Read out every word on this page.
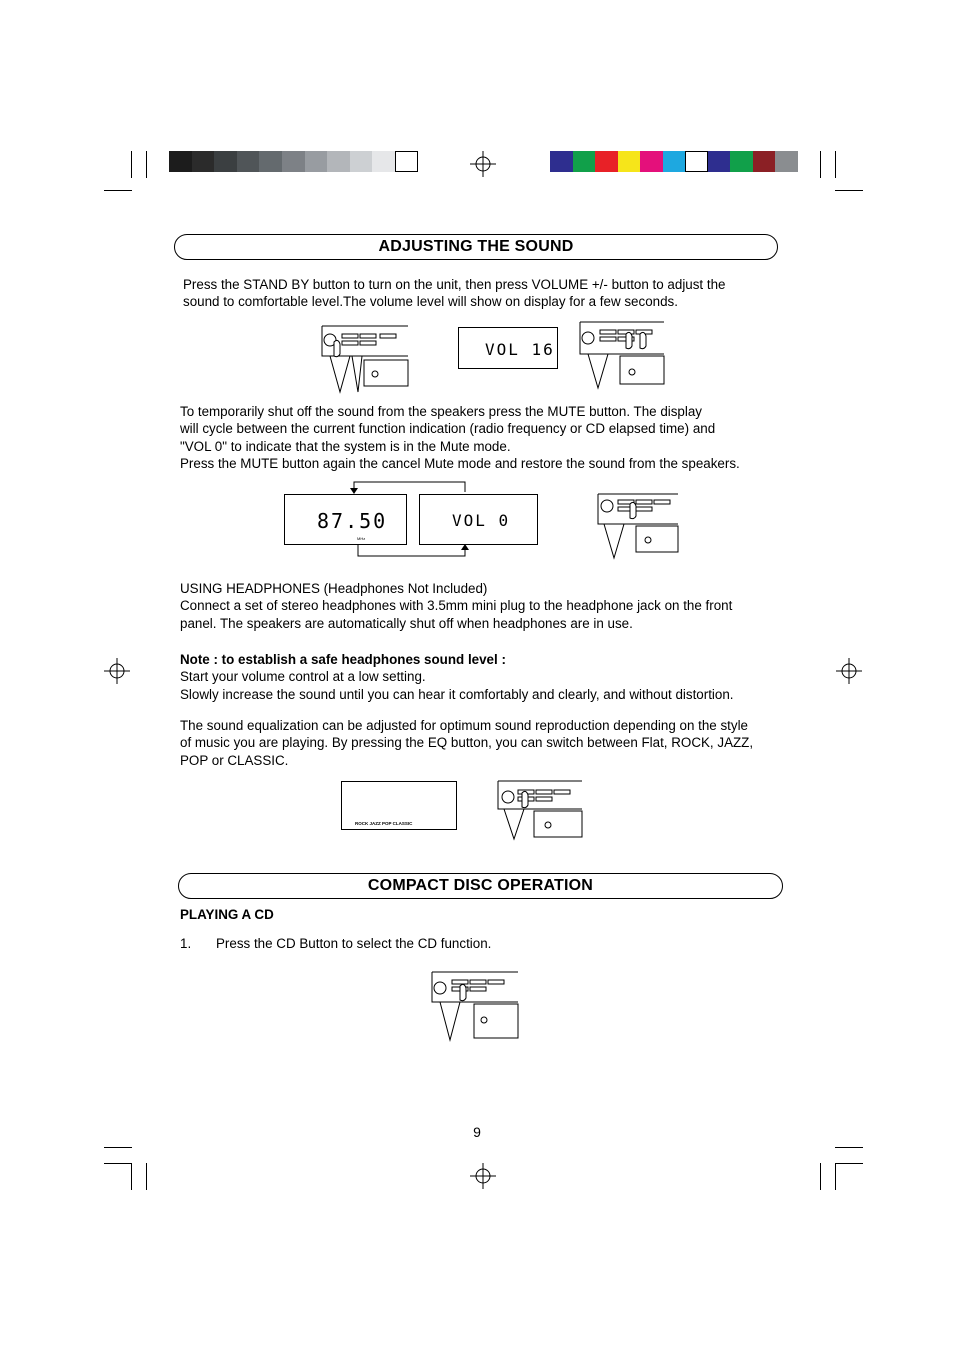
ADJUSTING THE SOUND

Press the STAND BY button to turn on the unit, then press VOLUME +/- button to adjust the

sound to comfortable level.The volume level will show on display for a few seconds.

VOL 16

To temporarily shut off the sound from the speakers press the MUTE button. The display

will cycle between the current function indication (radio frequency or CD elapsed time) and

"VOL 0" to indicate that the system is in the Mute mode.

Press the MUTE button again the cancel Mute mode and restore the sound from the speakers.

87.50
MHz
VOL 0

USING HEADPHONES (Headphones Not Included)

Connect a set of stereo headphones with 3.5mm mini plug to the headphone jack on the front

panel. The speakers are automatically shut off when headphones are in use.

Note : to establish a safe headphones sound level :

Start your volume control at a low setting.

Slowly increase the sound until you can hear it comfortably and clearly, and without distortion.

The sound equalization can be adjusted for optimum sound reproduction depending on the style

of music you are playing. By pressing the EQ button, you can switch between Flat, ROCK, JAZZ,

POP or CLASSIC.

ROCK JAZZ POP CLASSIC
COMPACT DISC OPERATION
PLAYING A CD
1. Press the CD Button to select the CD function.
9
